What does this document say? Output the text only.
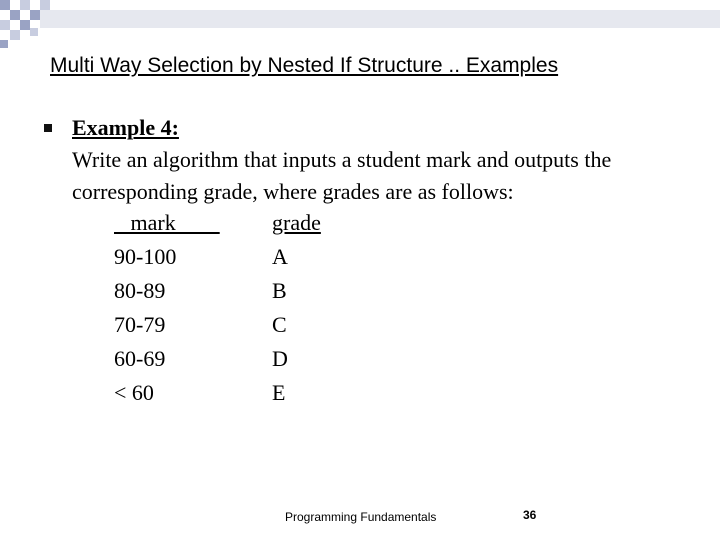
Multi Way Selection by Nested If Structure .. Examples

Example 4:

Write an algorithm that inputs a student mark and outputs the corresponding grade, where grades are as follows:

mark	grade
90-100	A
80-89	B
70-79	C
60-69	D
< 60	E
Programming Fundamentals	36
